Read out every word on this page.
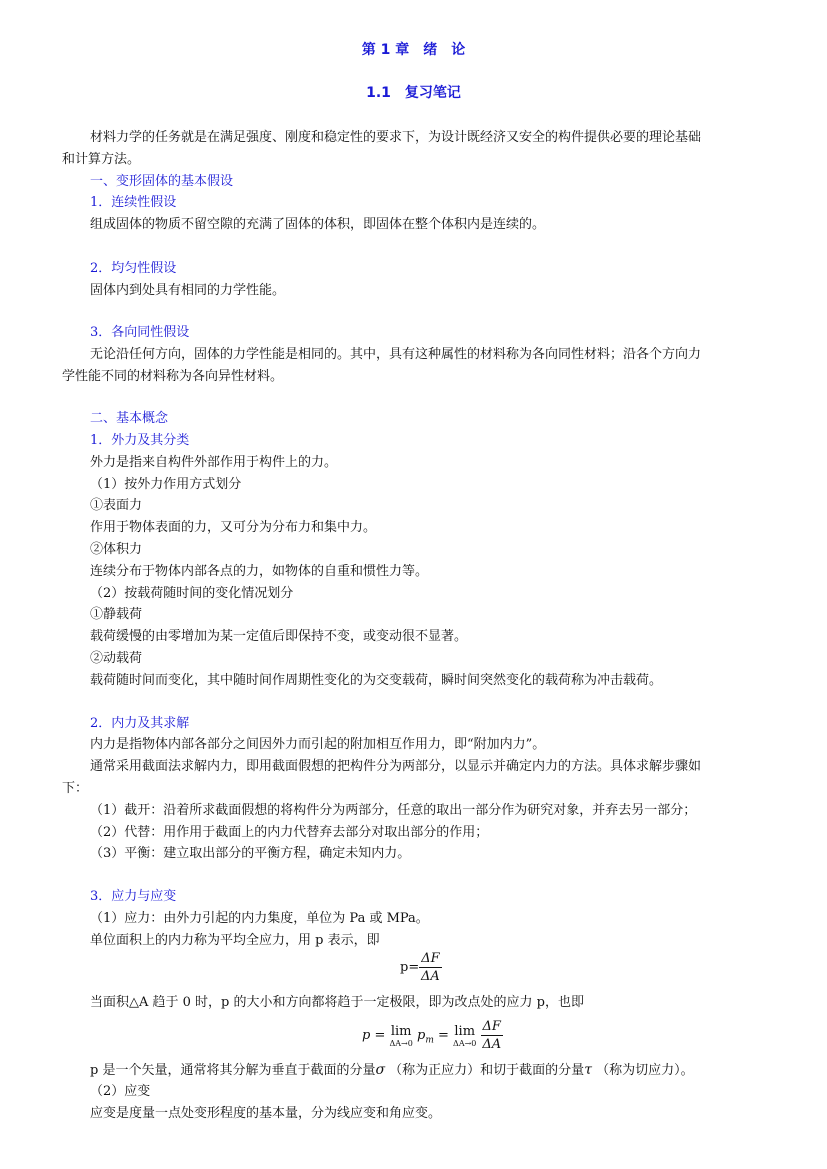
第 1 章　绪　论
1.1　复习笔记
材料力学的任务就是在满足强度、刚度和稳定性的要求下，为设计既经济又安全的构件提供必要的理论基础
和计算方法。
一、变形固体的基本假设
1．连续性假设
组成固体的物质不留空隙的充满了固体的体积，即固体在整个体积内是连续的。
2．均匀性假设
固体内到处具有相同的力学性能。
3．各向同性假设
无论沿任何方向，固体的力学性能是相同的。其中，具有这种属性的材料称为各向同性材料；沿各个方向力
学性能不同的材料称为各向异性材料。
二、基本概念
1．外力及其分类
外力是指来自构件外部作用于构件上的力。
（1）按外力作用方式划分
①表面力
作用于物体表面的力，又可分为分布力和集中力。
②体积力
连续分布于物体内部各点的力，如物体的自重和惯性力等。
（2）按载荷随时间的变化情况划分
①静载荷
载荷缓慢的由零增加为某一定值后即保持不变，或变动很不显著。
②动载荷
载荷随时间而变化，其中随时间作周期性变化的为交变载荷，瞬时间突然变化的载荷称为冲击载荷。
2．内力及其求解
内力是指物体内部各部分之间因外力而引起的附加相互作用力，即“附加内力”。
通常采用截面法求解内力，即用截面假想的把构件分为两部分，以显示并确定内力的方法。具体求解步骤如
下：
（1）截开：沿着所求截面假想的将构件分为两部分，任意的取出一部分作为研究对象，并弃去另一部分；
（2）代替：用作用于截面上的内力代替弃去部分对取出部分的作用；
（3）平衡：建立取出部分的平衡方程，确定未知内力。
3．应力与应变
（1）应力：由外力引起的内力集度，单位为 Pa 或 MPa。
单位面积上的内力称为平均全应力，用 p 表示，即
$p= \frac{\Delta F}{\Delta A}$
当面积△A 趋于 0 时，p 的大小和方向都将趋于一定极限，即为改点处的应力 p，也即
p = lim
ΔA→0 $p_m = \lim$
ΔA→0
$\frac{\Delta F}{\Delta A}$
p 是一个矢量，通常将其分解为垂直于截面的分量σ （称为正应力）和切于截面的分量τ （称为切应力）。
（2）应变
应变是度量一点处变形程度的基本量，分为线应变和角应变。
